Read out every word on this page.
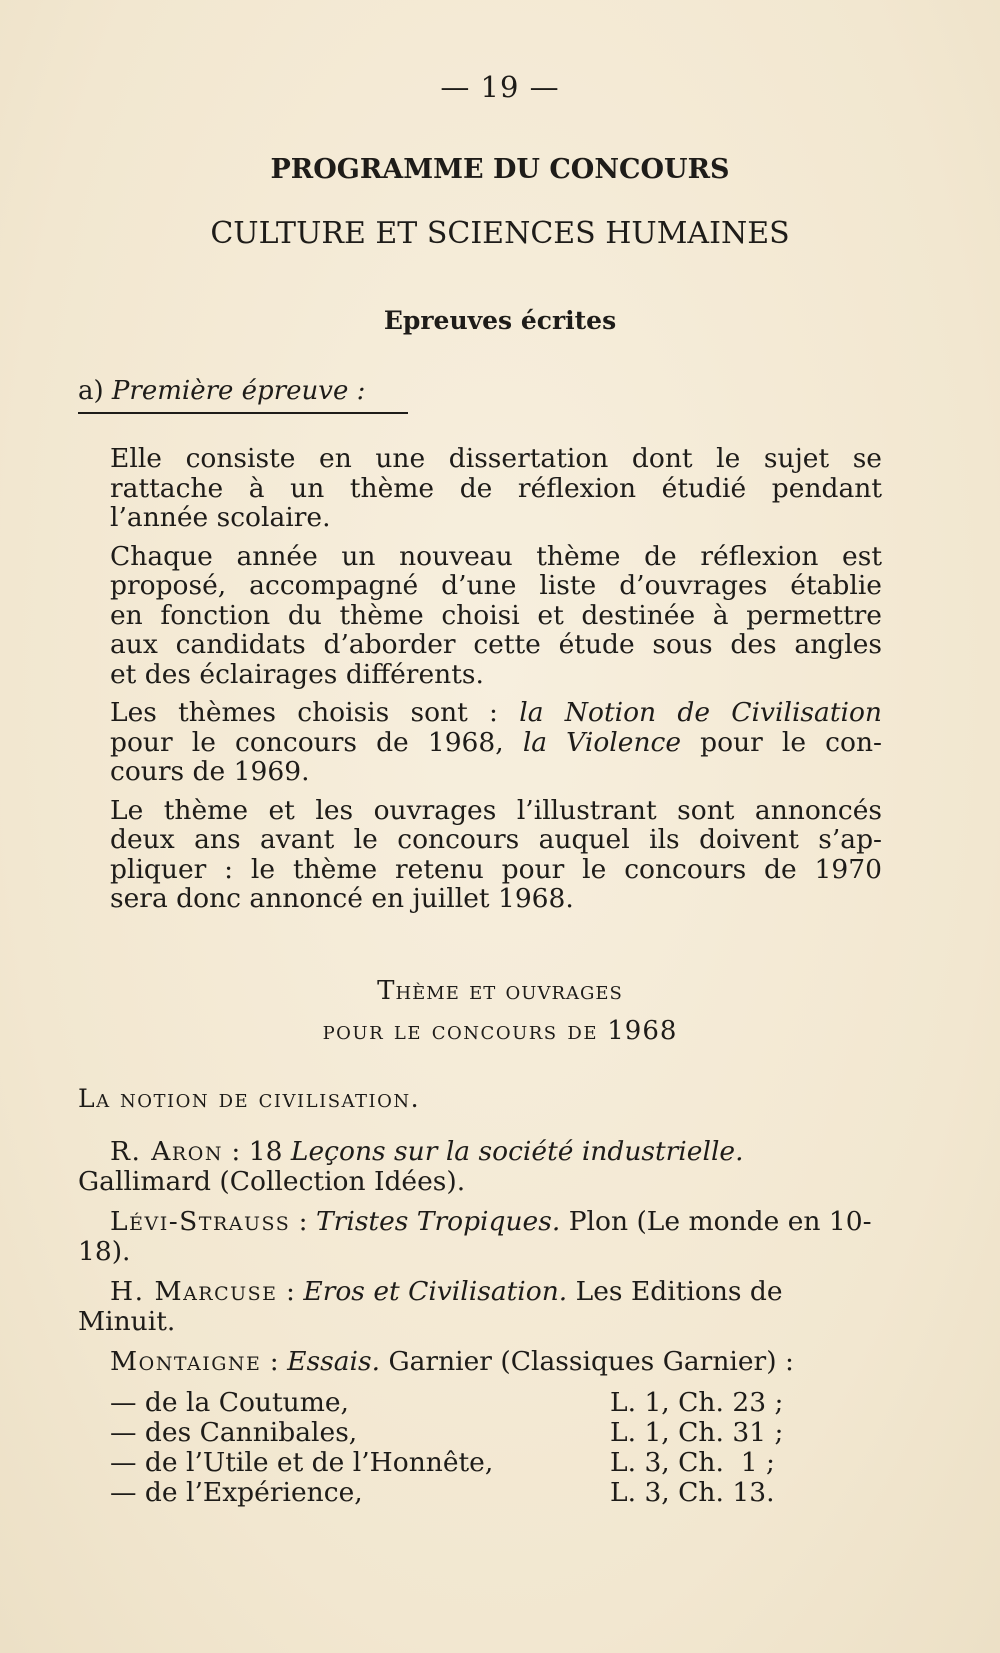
— 19 —
PROGRAMME DU CONCOURS
CULTURE ET SCIENCES HUMAINES
Epreuves écrites
a) Première épreuve :

Elle consiste en une dissertation dont le sujet se
rattache à un thème de réflexion étudié pendant
l’année scolaire.

Chaque année un nouveau thème de réflexion est
proposé, accompagné d’une liste d’ouvrages établie
en fonction du thème choisi et destinée à permettre
aux candidats d’aborder cette étude sous des angles
et des éclairages différents.

Les thèmes choisis sont : la Notion de Civilisation
pour le concours de 1968, la Violence pour le con-
cours de 1969.

Le thème et les ouvrages l’illustrant sont annoncés
deux ans avant le concours auquel ils doivent s’ap-
pliquer : le thème retenu pour le concours de 1970
sera donc annoncé en juillet 1968.

Thème et ouvrages
pour le concours de 1968
La notion de civilisation.

R. Aron : 18 Leçons sur la société industrielle. Gallimard (Collection Idées).

Lévi-Strauss : Tristes Tropiques. Plon (Le monde en 10-18).

H. Marcuse : Eros et Civilisation. Les Editions de Minuit.

Montaigne : Essais. Garnier (Classiques Garnier) :

— de la Coutume,	L. 1, Ch. 23 ;
— des Cannibales,	L. 1, Ch. 31 ;
— de l’Utile et de l’Honnête,	L. 3, Ch.  1 ;
— de l’Expérience,	L. 3, Ch. 13.
